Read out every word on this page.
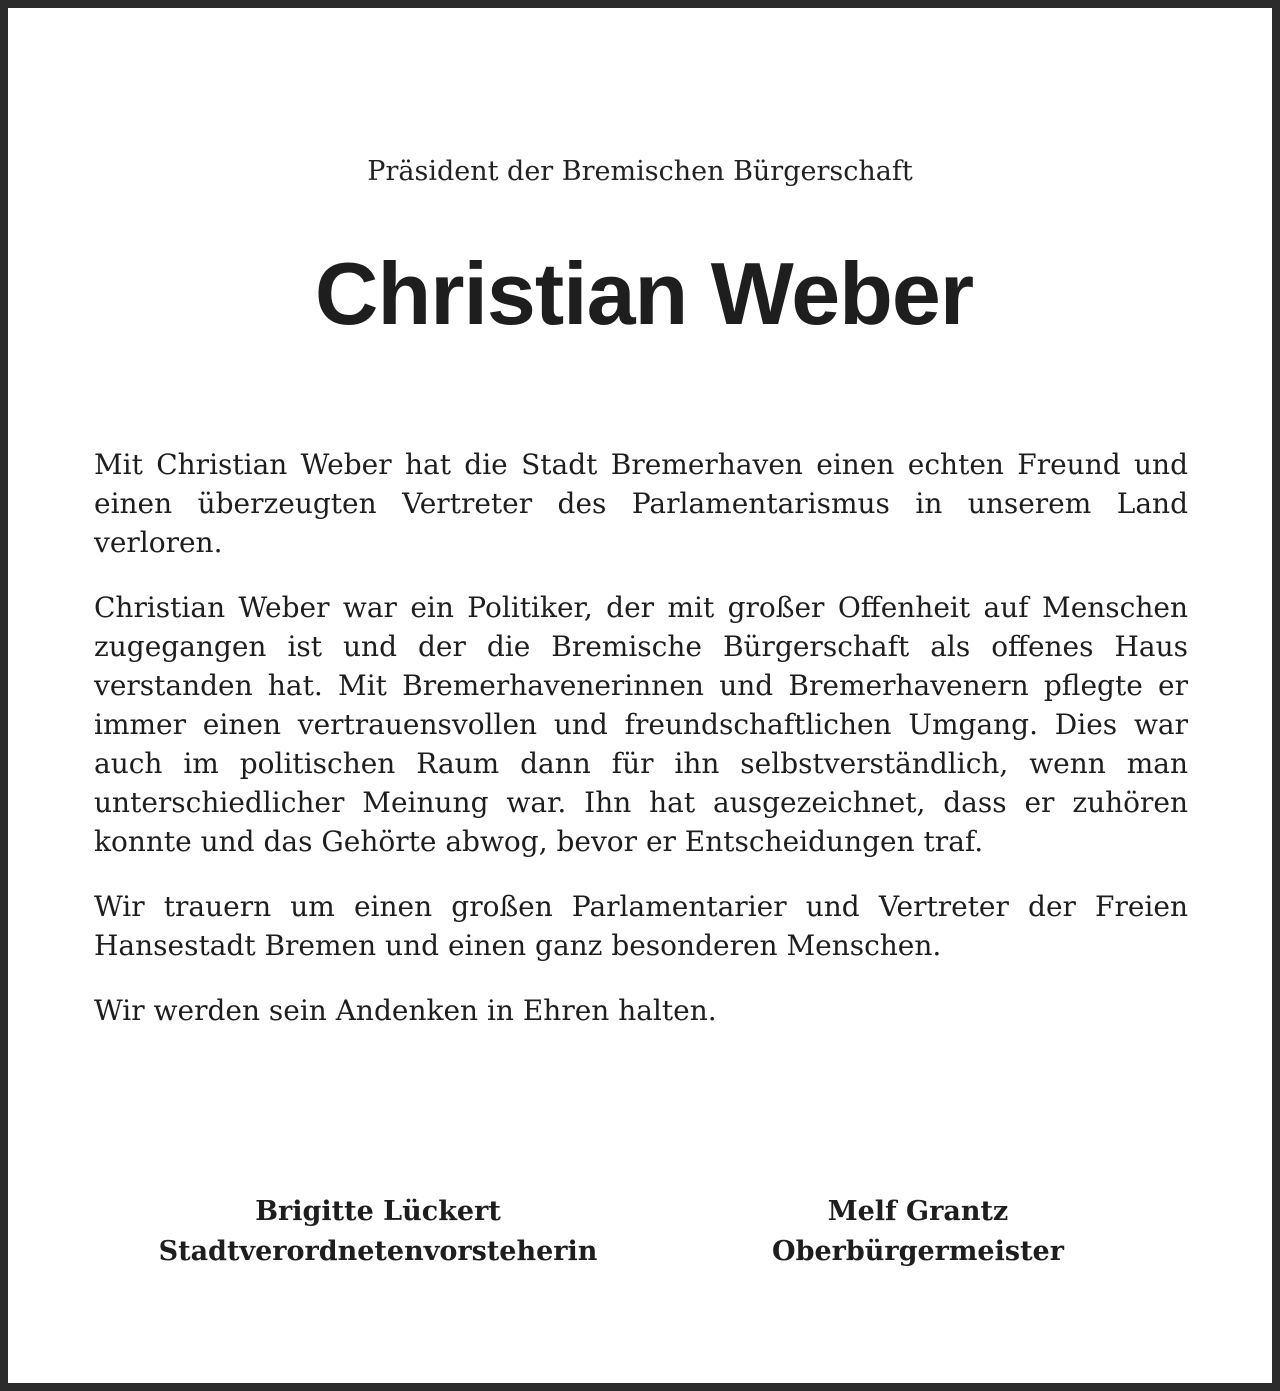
Präsident der Bremischen Bürgerschaft
Christian Weber

Mit Christian Weber hat die Stadt Bremerhaven einen echten Freund und einen überzeugten Vertreter des Parlamentarismus in unserem Land verloren.

Christian Weber war ein Politiker, der mit großer Offenheit auf Menschen zugegangen ist und der die Bremische Bürgerschaft als offenes Haus verstanden hat. Mit Bremerhavenerinnen und Bremerhavenern pflegte er immer einen vertrauensvollen und freundschaftlichen Umgang. Dies war auch im politischen Raum dann für ihn selbstverständlich, wenn man unterschiedlicher Meinung war. Ihn hat ausgezeichnet, dass er zuhören konnte und das Gehörte abwog, bevor er Entscheidungen traf.

Wir trauern um einen großen Parlamentarier und Vertreter der Freien Hansestadt Bremen und einen ganz besonderen Menschen.

Wir werden sein Andenken in Ehren halten.

Brigitte Lückert
Stadtverordnetenvorsteherin
Melf Grantz
Oberbürgermeister
